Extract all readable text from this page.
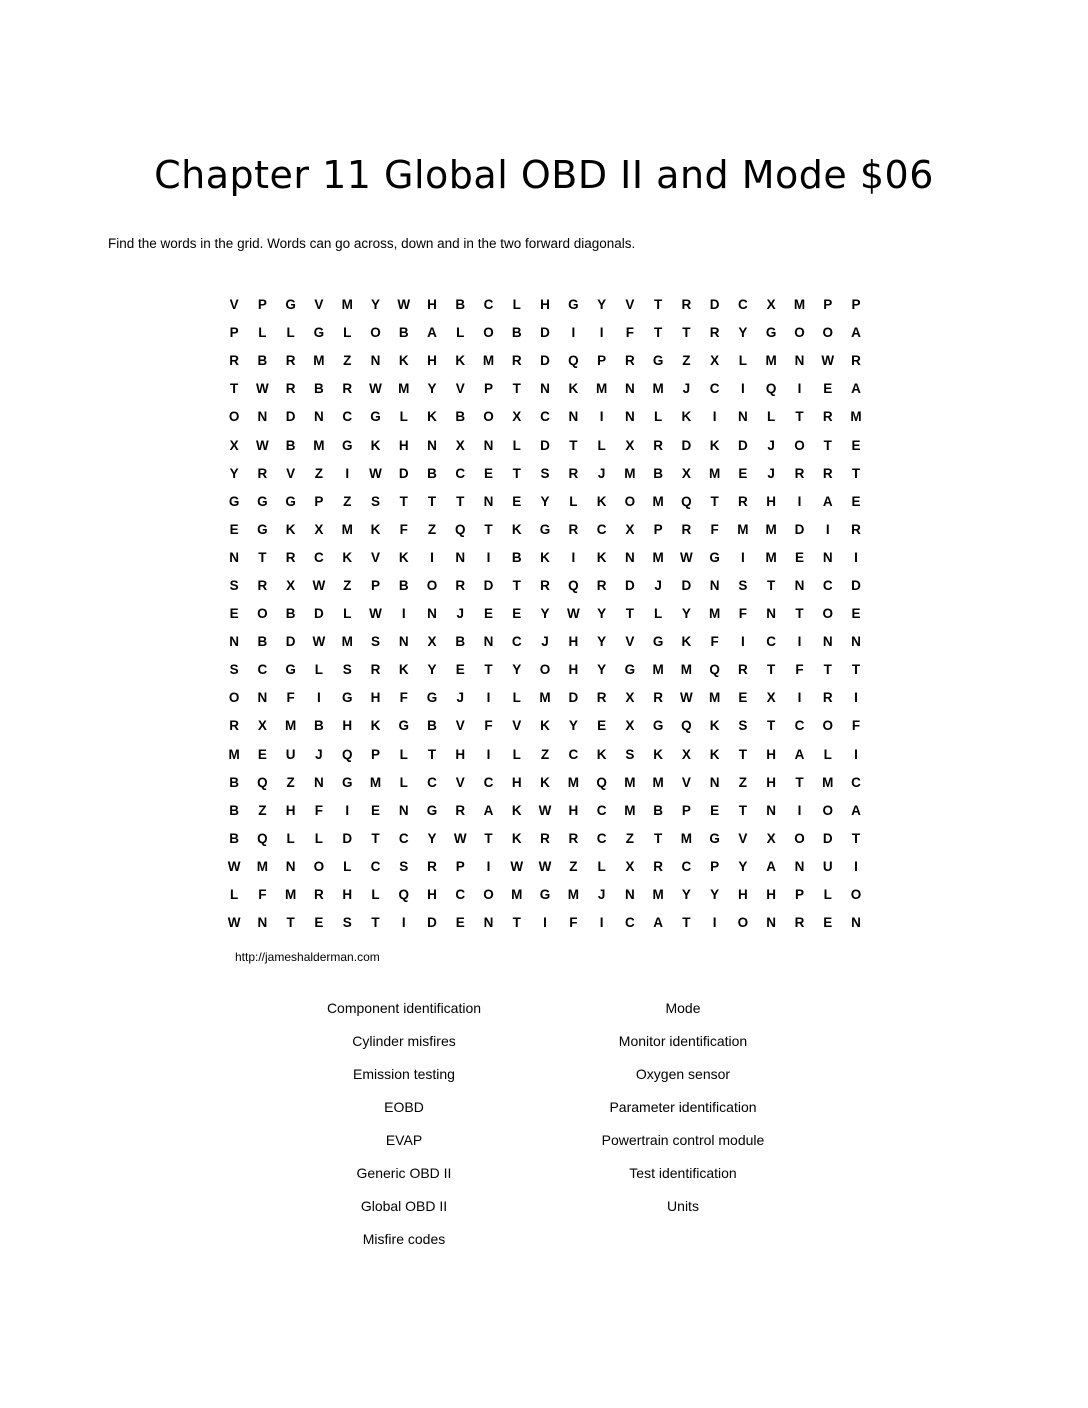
Chapter 11 Global OBD II and Mode $06
Find the words in the grid. Words can go across, down and in the two forward diagonals.
V	P	G	V	M	Y	W	H	B	C	L	H	G	Y	V	T	R	D	C	X	M	P	P
P	L	L	G	L	O	B	A	L	O	B	D	I	I	F	T	T	R	Y	G	O	O	A
R	B	R	M	Z	N	K	H	K	M	R	D	Q	P	R	G	Z	X	L	M	N	W	R
T	W	R	B	R	W	M	Y	V	P	T	N	K	M	N	M	J	C	I	Q	I	E	A
O	N	D	N	C	G	L	K	B	O	X	C	N	I	N	L	K	I	N	L	T	R	M
X	W	B	M	G	K	H	N	X	N	L	D	T	L	X	R	D	K	D	J	O	T	E
Y	R	V	Z	I	W	D	B	C	E	T	S	R	J	M	B	X	M	E	J	R	R	T
G	G	G	P	Z	S	T	T	T	N	E	Y	L	K	O	M	Q	T	R	H	I	A	E
E	G	K	X	M	K	F	Z	Q	T	K	G	R	C	X	P	R	F	M	M	D	I	R
N	T	R	C	K	V	K	I	N	I	B	K	I	K	N	M	W	G	I	M	E	N	I
S	R	X	W	Z	P	B	O	R	D	T	R	Q	R	D	J	D	N	S	T	N	C	D
E	O	B	D	L	W	I	N	J	E	E	Y	W	Y	T	L	Y	M	F	N	T	O	E
N	B	D	W	M	S	N	X	B	N	C	J	H	Y	V	G	K	F	I	C	I	N	N
S	C	G	L	S	R	K	Y	E	T	Y	O	H	Y	G	M	M	Q	R	T	F	T	T
O	N	F	I	G	H	F	G	J	I	L	M	D	R	X	R	W	M	E	X	I	R	I
R	X	M	B	H	K	G	B	V	F	V	K	Y	E	X	G	Q	K	S	T	C	O	F
M	E	U	J	Q	P	L	T	H	I	L	Z	C	K	S	K	X	K	T	H	A	L	I
B	Q	Z	N	G	M	L	C	V	C	H	K	M	Q	M	M	V	N	Z	H	T	M	C
B	Z	H	F	I	E	N	G	R	A	K	W	H	C	M	B	P	E	T	N	I	O	A
B	Q	L	L	D	T	C	Y	W	T	K	R	R	C	Z	T	M	G	V	X	O	D	T
W	M	N	O	L	C	S	R	P	I	W	W	Z	L	X	R	C	P	Y	A	N	U	I
L	F	M	R	H	L	Q	H	C	O	M	G	M	J	N	M	Y	Y	H	H	P	L	O
W	N	T	E	S	T	I	D	E	N	T	I	F	I	C	A	T	I	O	N	R	E	N
http://jameshalderman.com
Component identification
Cylinder misfires
Emission testing
EOBD
EVAP
Generic OBD II
Global OBD II
Misfire codes
Mode
Monitor identification
Oxygen sensor
Parameter identification
Powertrain control module
Test identification
Units
